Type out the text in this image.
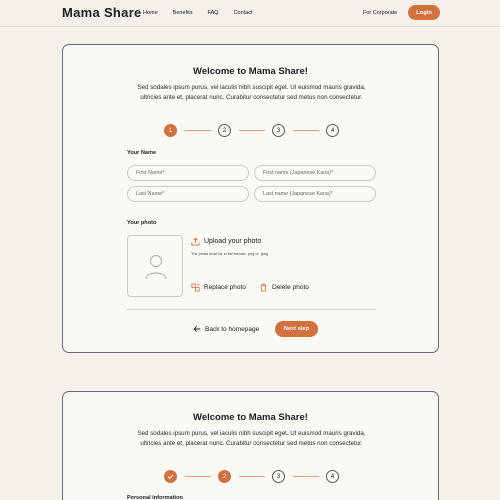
Mama Share Home	Benefits	FAQ	Contact	For Corporate	Login
Welcome to Mama Share!
Sed sodales ipsum purus, vel iaculis nibh suscipit eget. Ut euismod mauris gravida, ultricies ante et, placerat nunc. Curabitur consectetur sed metus non consectetur.
1	2	3	4
Your Name
First Name*
First name (Japanese Kana)*
Last Name*
Last name (Japanese Kana)*
Your photo
Upload your photo
The photo must be in the format: .png or .jpeg
Replace photo	Delete photo
Back to homepage	Next step
Welcome to Mama Share!
Sed sodales ipsum purus, vel iaculis nibh suscipit eget. Ut euismod mauris gravida, ultricies ante et, placerat nunc. Curabitur consectetur sed metus non consectetur.
2	3	4
Personal information
